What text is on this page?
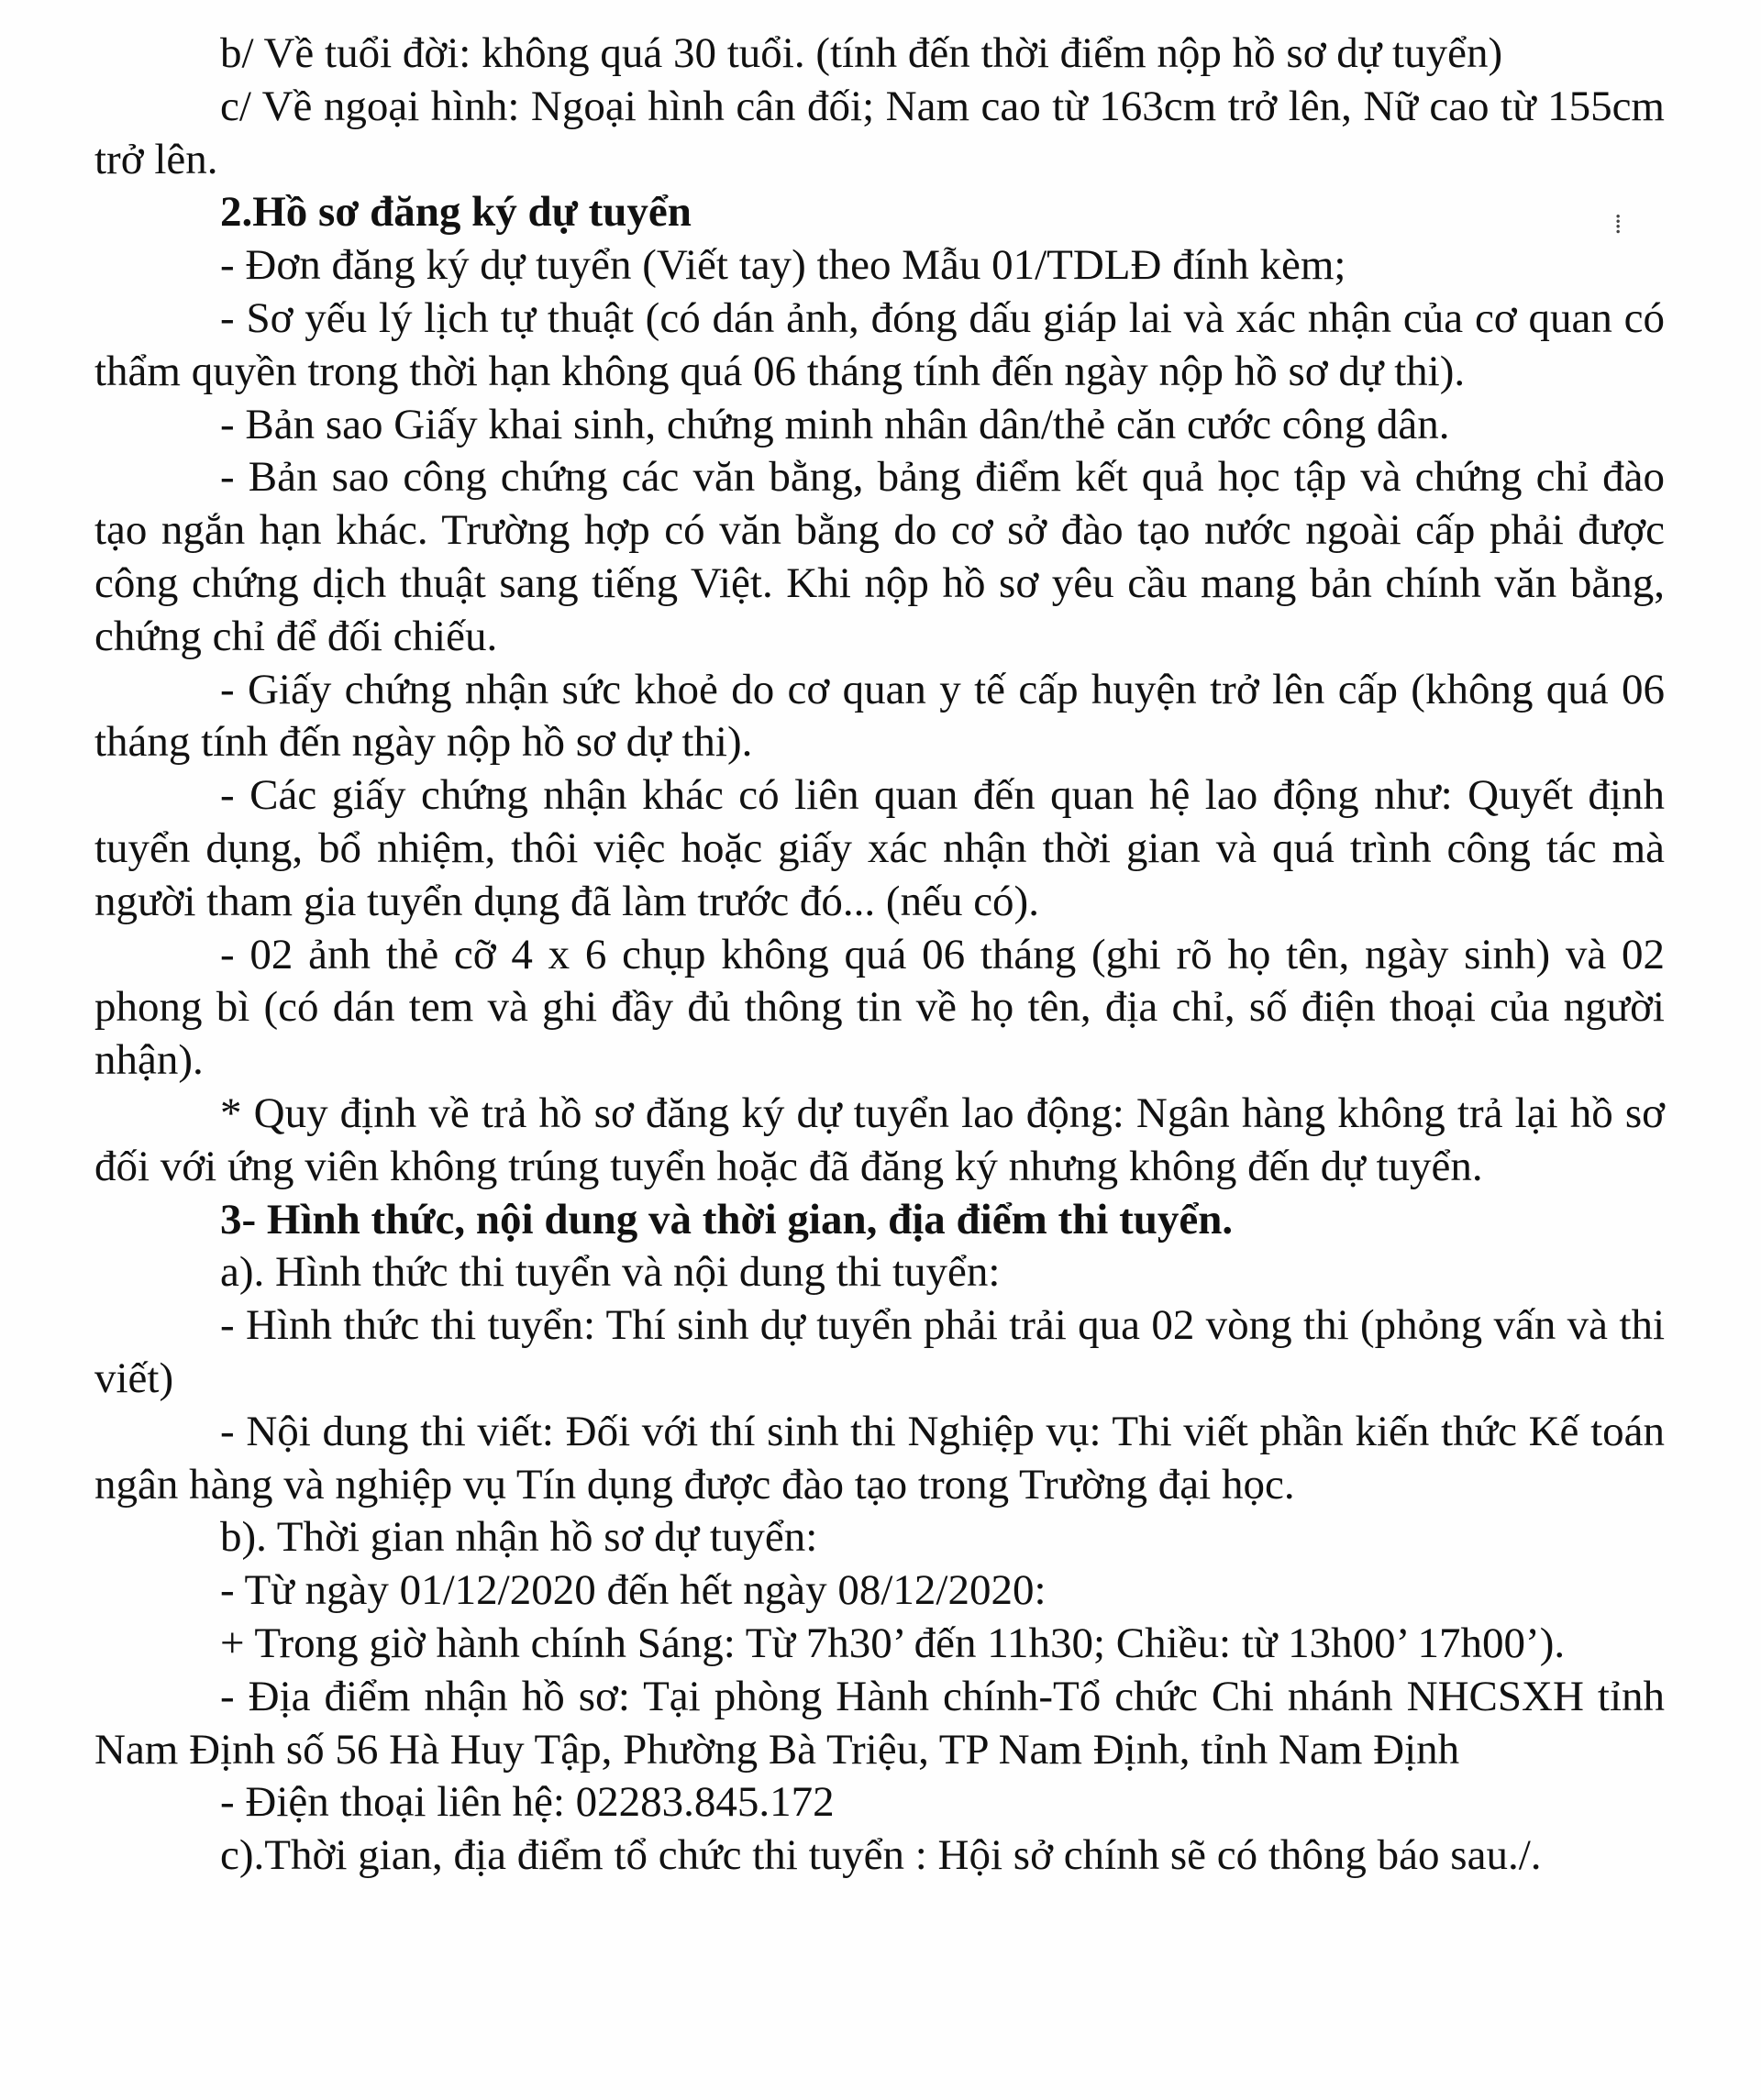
b/ Về tuổi đời: không quá 30 tuổi. (tính đến thời điểm nộp hồ sơ dự tuyển)

c/ Về ngoại hình: Ngoại hình cân đối; Nam cao từ 163cm trở lên, Nữ cao từ 155cm trở lên.

2.Hồ sơ đăng ký dự tuyển

- Đơn đăng ký dự tuyển (Viết tay) theo Mẫu 01/TDLĐ đính kèm;

- Sơ yếu lý lịch tự thuật (có dán ảnh, đóng dấu giáp lai và xác nhận của cơ quan có thẩm quyền trong thời hạn không quá 06 tháng tính đến ngày nộp hồ sơ dự thi).

- Bản sao Giấy khai sinh, chứng minh nhân dân/thẻ căn cước công dân.

- Bản sao công chứng các văn bằng, bảng điểm kết quả học tập và chứng chỉ đào tạo ngắn hạn khác. Trường hợp có văn bằng do cơ sở đào tạo nước ngoài cấp phải được công chứng dịch thuật sang tiếng Việt. Khi nộp hồ sơ yêu cầu mang bản chính văn bằng, chứng chỉ để đối chiếu.

- Giấy chứng nhận sức khoẻ do cơ quan y tế cấp huyện trở lên cấp (không quá 06 tháng tính đến ngày nộp hồ sơ dự thi).

- Các giấy chứng nhận khác có liên quan đến quan hệ lao động như: Quyết định tuyển dụng, bổ nhiệm, thôi việc hoặc giấy xác nhận thời gian và quá trình công tác mà người tham gia tuyển dụng đã làm trước đó... (nếu có).

- 02 ảnh thẻ cỡ 4 x 6 chụp không quá 06 tháng (ghi rõ họ tên, ngày sinh) và 02 phong bì (có dán tem và ghi đầy đủ thông tin về họ tên, địa chỉ, số điện thoại của người nhận).

* Quy định về trả hồ sơ đăng ký dự tuyển lao động: Ngân hàng không trả lại hồ sơ đối với ứng viên không trúng tuyển hoặc đã đăng ký nhưng không đến dự tuyển.

3- Hình thức, nội dung và thời gian, địa điểm thi tuyển.

a). Hình thức thi tuyển và nội dung thi tuyển:

- Hình thức thi tuyển: Thí sinh dự tuyển phải trải qua 02 vòng thi (phỏng vấn và thi viết)

- Nội dung thi viết: Đối với thí sinh thi Nghiệp vụ: Thi viết phần kiến thức Kế toán ngân hàng và nghiệp vụ Tín dụng được đào tạo trong Trường đại học.

b). Thời gian nhận hồ sơ dự tuyển:

- Từ ngày 01/12/2020 đến hết ngày 08/12/2020:

+ Trong giờ hành chính Sáng: Từ 7h30’ đến 11h30; Chiều: từ 13h00’ 17h00’).

- Địa điểm nhận hồ sơ: Tại phòng Hành chính-Tổ chức Chi nhánh NHCSXH tỉnh Nam Định số 56 Hà Huy Tập, Phường Bà Triệu, TP Nam Định, tỉnh Nam Định

- Điện thoại liên hệ: 02283.845.172

c).Thời gian, địa điểm tổ chức thi tuyển : Hội sở chính sẽ có thông báo sau./.

⁞
